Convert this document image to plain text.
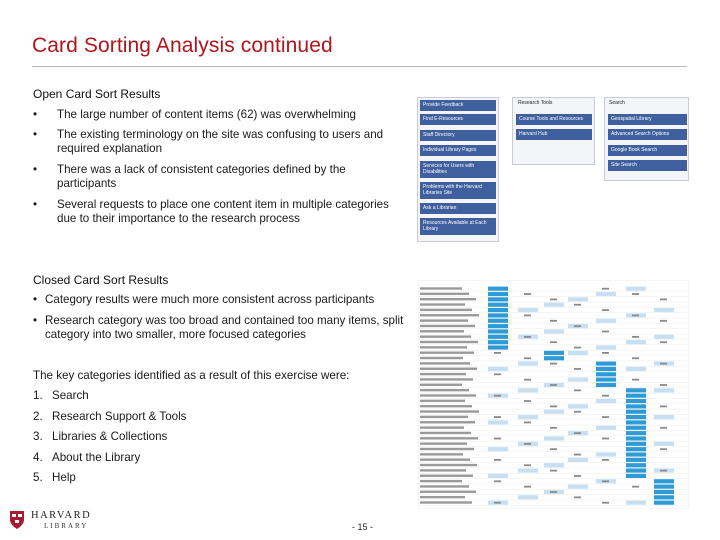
Card Sorting Analysis continued
Open Card Sort Results
• The large number of content items (62) was overwhelming
• The existing terminology on the site was confusing to users and required explanation
• There was a lack of consistent categories defined by the participants
• Several requests to place one content item in multiple categories due to their importance to the research process
Provide Feedback
Find E-Resources
Staff Directory
Individual Library Pages
Services for Users with Disabilities
Problems with the Harvard Libraries Site
Ask a Librarian
Resources Available at Each Library
Research Tools
Course Tools and Resources
Harvard Hub
Search
Geospatial Library
Advanced Search Options
Google Book Search
Site Search
Closed Card Sort Results
• Category results were much more consistent across participants
• Research category was too broad and contained too many items, split category into two smaller, more focused categories
The key categories identified as a result of this exercise were:
1. Search
2. Research Support & Tools
3. Libraries & Collections
4. About the Library
5. Help
HARVARD
LIBRARY	- 15 -
